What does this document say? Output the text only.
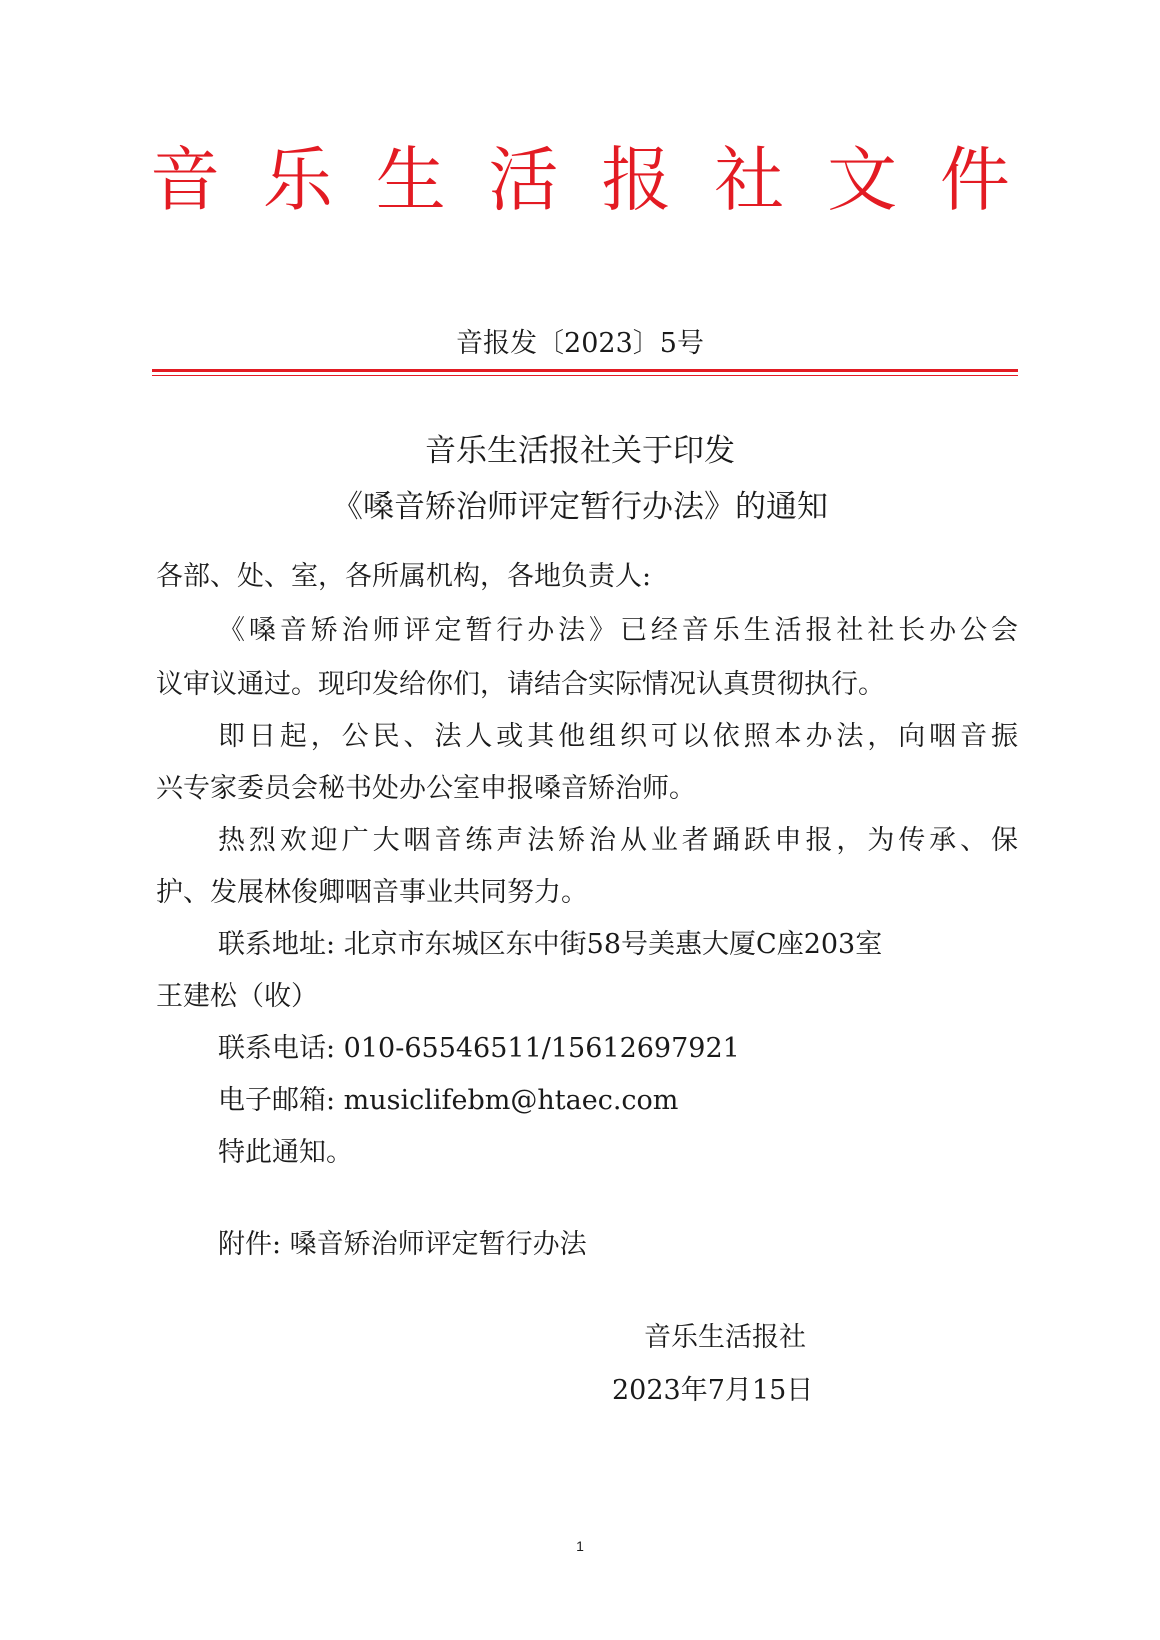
音 乐 生 活 报 社 文 件
音报发〔2023〕5号
音乐生活报社关于印发
《嗓音矫治师评定暂行办法》的通知
各部、处、室，各所属机构，各地负责人:
《嗓音矫治师评定暂行办法》已经音乐生活报社社长办公会
议审议通过。现印发给你们，请结合实际情况认真贯彻执行。
即日起，公民、法人或其他组织可以依照本办法，向咽音振
兴专家委员会秘书处办公室申报嗓音矫治师。
热烈欢迎广大咽音练声法矫治从业者踊跃申报，为传承、保
护、发展林俊卿咽音事业共同努力。
联系地址: 北京市东城区东中街58号美惠大厦C座203室
王建松（收）
联系电话: 010-65546511/15612697921
电子邮箱: musiclifebm@htaec.com
特此通知。
附件: 嗓音矫治师评定暂行办法
音乐生活报社
2023年7月15日
1
